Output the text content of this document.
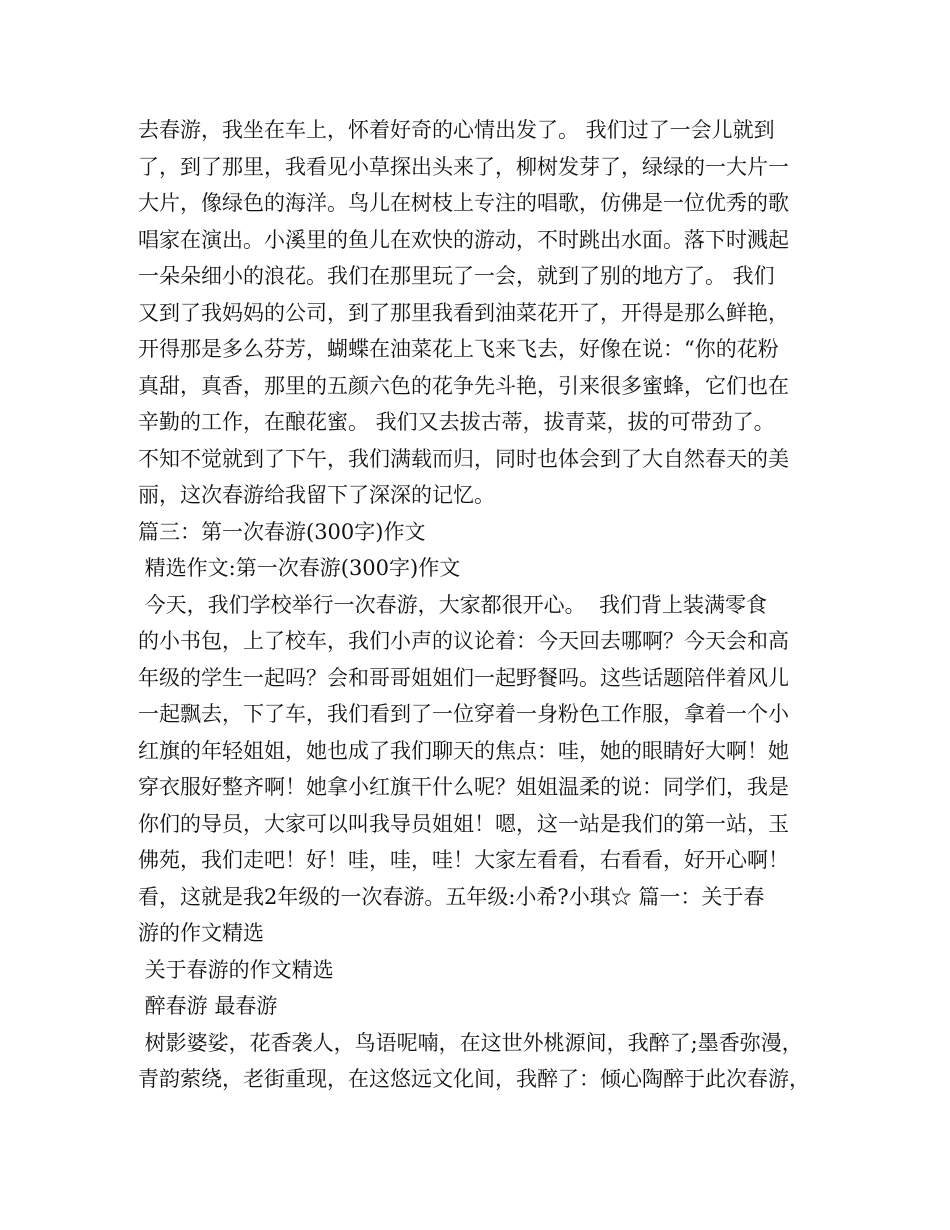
去春游，我坐在车上，怀着好奇的心情出发了。 我们过了一会儿就到
了，到了那里，我看见小草探出头来了，柳树发芽了，绿绿的一大片一
大片，像绿色的海洋。鸟儿在树枝上专注的唱歌，仿佛是一位优秀的歌
唱家在演出。小溪里的鱼儿在欢快的游动，不时跳出水面。落下时溅起
一朵朵细小的浪花。我们在那里玩了一会，就到了别的地方了。 我们
又到了我妈妈的公司，到了那里我看到油菜花开了，开得是那么鲜艳，
开得那是多么芬芳，蝴蝶在油菜花上飞来飞去，好像在说：“你的花粉
真甜，真香，那里的五颜六色的花争先斗艳，引来很多蜜蜂，它们也在
辛勤的工作，在酿花蜜。 我们又去拔古蒂，拔青菜，拔的可带劲了。
不知不觉就到了下午，我们满载而归，同时也体会到了大自然春天的美
丽，这次春游给我留下了深深的记忆。
篇三：第一次春游(300字)作文
精选作文:第一次春游(300字)作文
今天，我们学校举行一次春游，大家都很开心。  我们背上装满零食
的小书包，上了校车，我们小声的议论着：今天回去哪啊？今天会和高
年级的学生一起吗？会和哥哥姐姐们一起野餐吗。这些话题陪伴着风儿
一起飘去，下了车，我们看到了一位穿着一身粉色工作服，拿着一个小
红旗的年轻姐姐，她也成了我们聊天的焦点：哇，她的眼睛好大啊！她
穿衣服好整齐啊！她拿小红旗干什么呢？姐姐温柔的说：同学们，我是
你们的导员，大家可以叫我导员姐姐！嗯，这一站是我们的第一站，玉
佛苑，我们走吧！好！哇，哇，哇！大家左看看，右看看，好开心啊！
看，这就是我2年级的一次春游。五年级:小希?小琪☆ 篇一：关于春
游的作文精选
关于春游的作文精选
醉春游 最春游
树影婆娑，花香袭人，鸟语呢喃，在这世外桃源间，我醉了;墨香弥漫，
青韵萦绕，老街重现，在这悠远文化间，我醉了：倾心陶醉于此次春游，
